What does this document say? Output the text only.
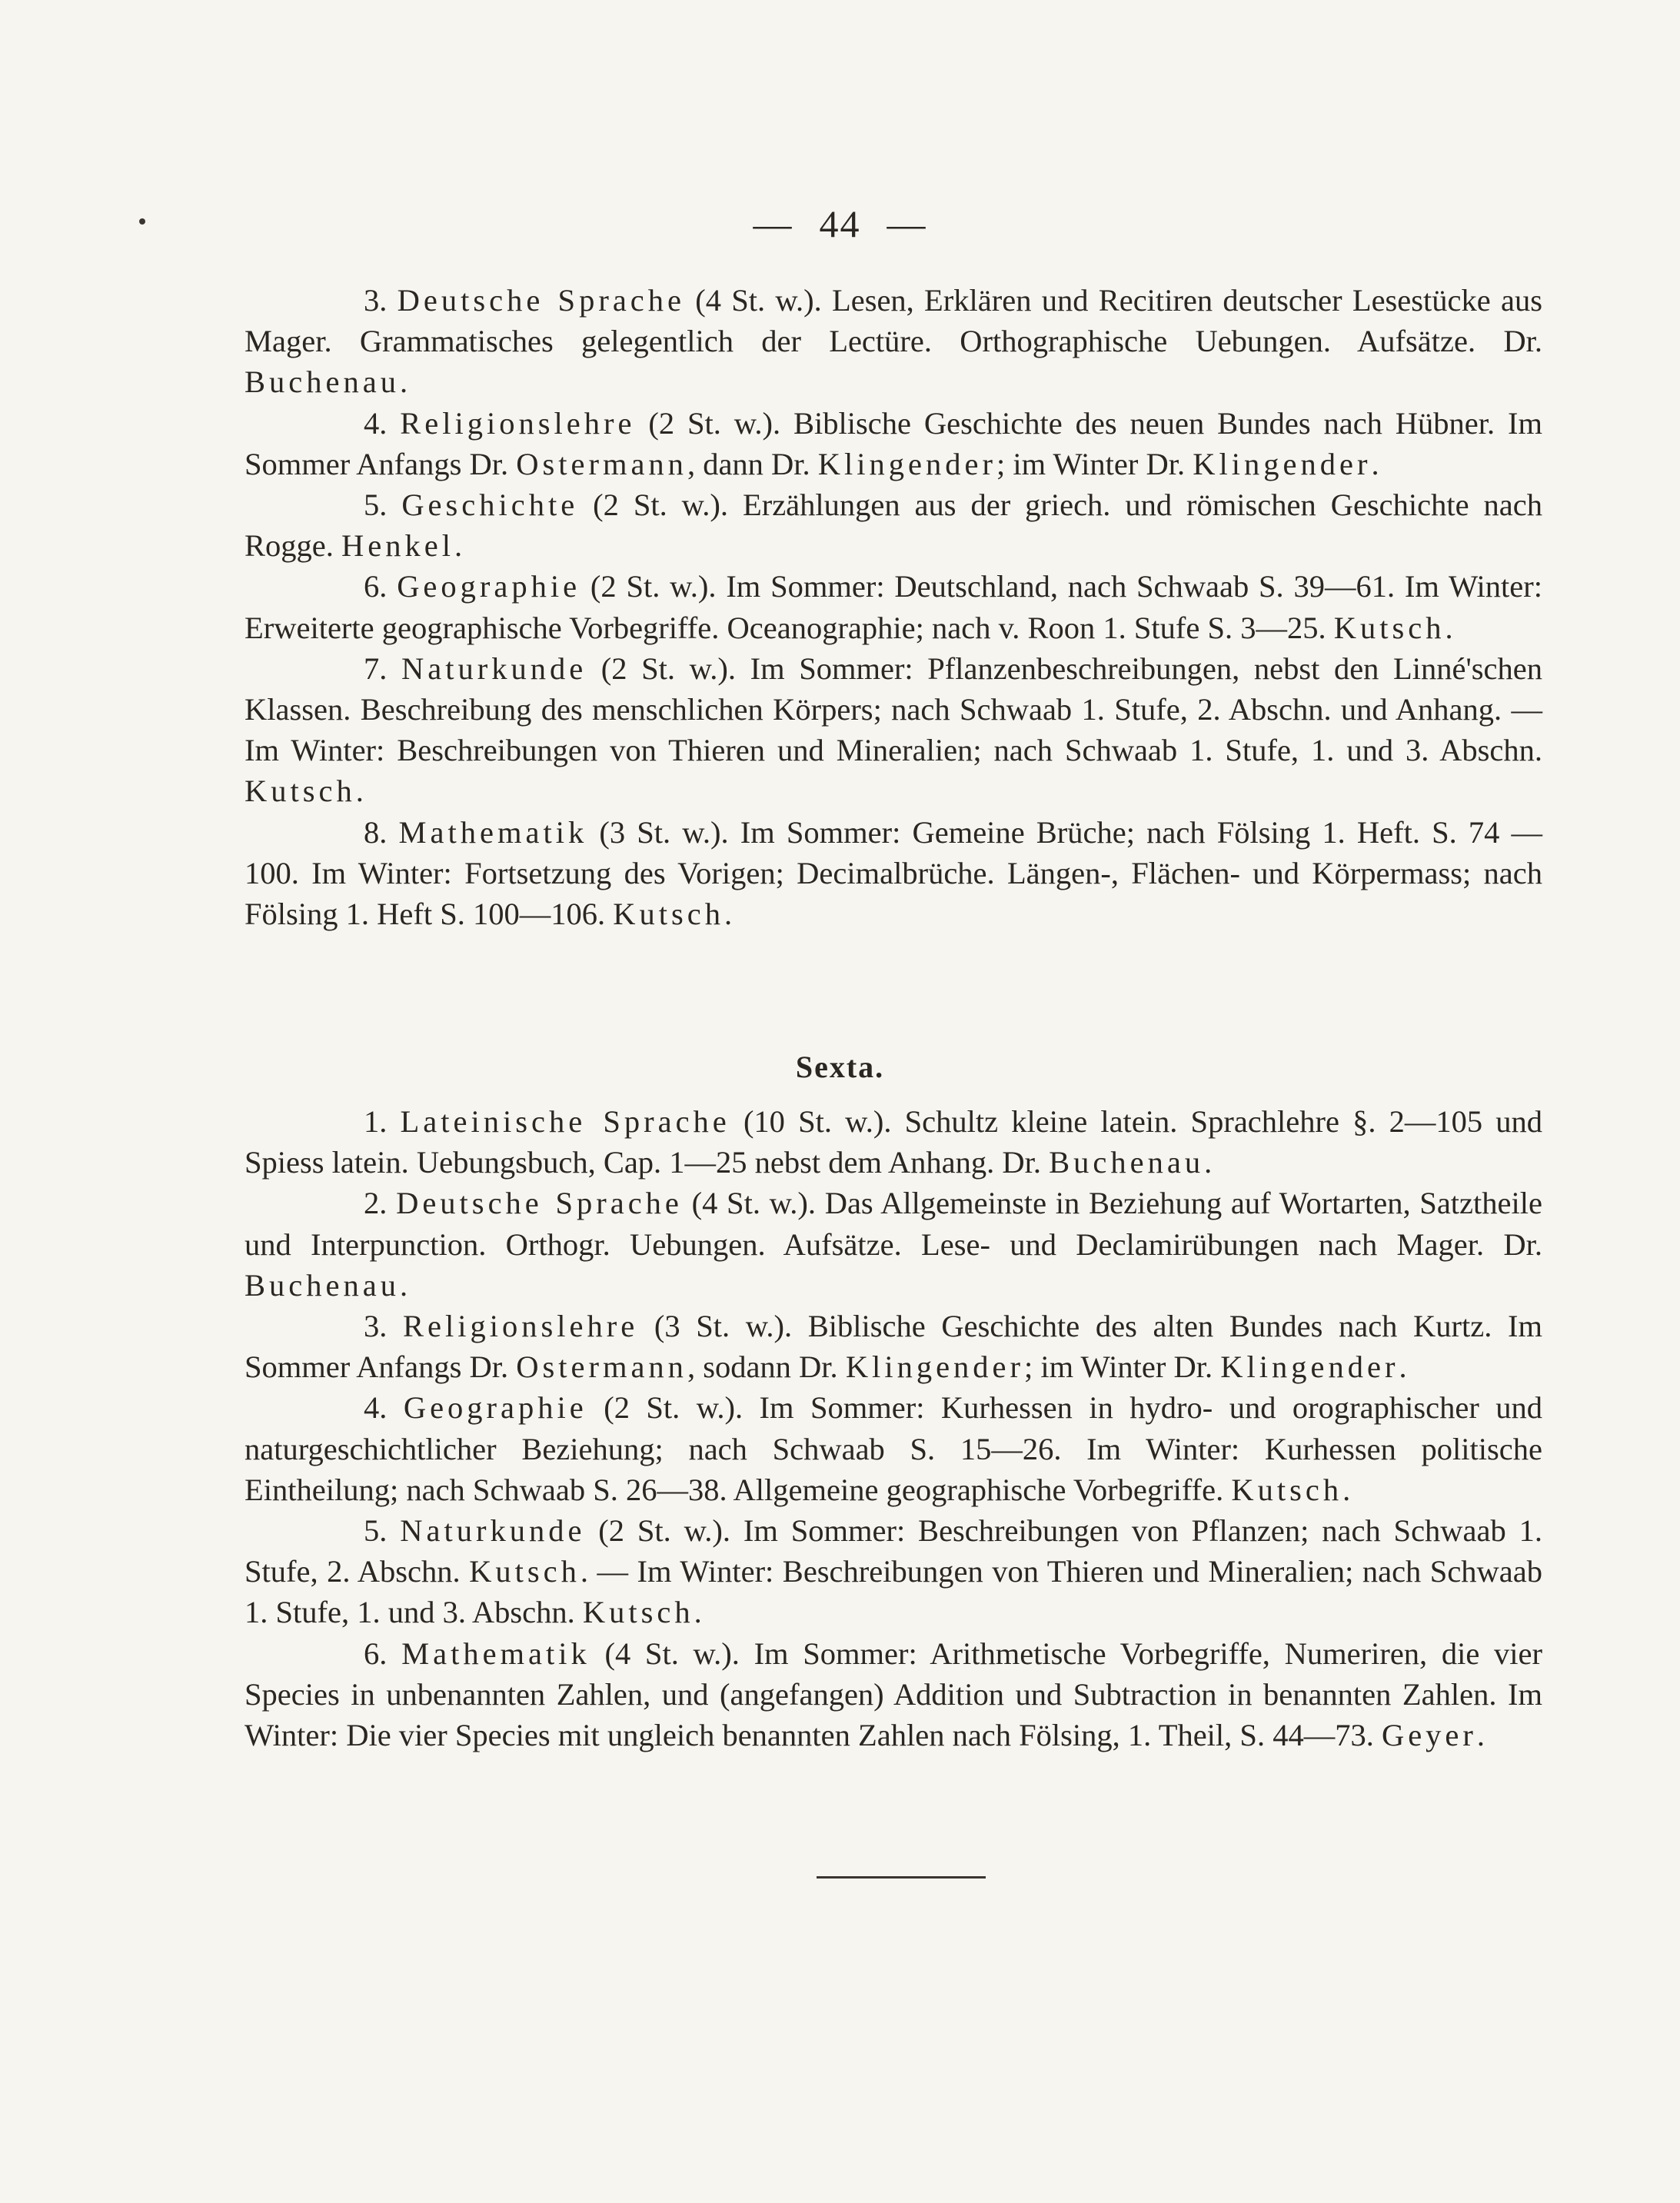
— 44 —

3. Deutsche Sprache (4 St. w.). Lesen, Erklären und Recitiren deutscher Lesestücke aus Mager. Grammatisches gelegentlich der Lectüre. Orthographische Uebungen. Aufsätze. Dr. Buchenau.

4. Religionslehre (2 St. w.). Biblische Geschichte des neuen Bundes nach Hübner. Im Sommer Anfangs Dr. Ostermann, dann Dr. Klingender; im Winter Dr. Klingender.

5. Geschichte (2 St. w.). Erzählungen aus der griech. und römischen Geschichte nach Rogge. Henkel.

6. Geographie (2 St. w.). Im Sommer: Deutschland, nach Schwaab S. 39—61. Im Winter: Erweiterte geographische Vorbegriffe. Oceanographie; nach v. Roon 1. Stufe S. 3—25. Kutsch.

7. Naturkunde (2 St. w.). Im Sommer: Pflanzenbeschreibungen, nebst den Linné'schen Klassen. Beschreibung des menschlichen Körpers; nach Schwaab 1. Stufe, 2. Abschn. und Anhang. — Im Winter: Beschreibungen von Thieren und Mineralien; nach Schwaab 1. Stufe, 1. und 3. Abschn. Kutsch.

8. Mathematik (3 St. w.). Im Sommer: Gemeine Brüche; nach Fölsing 1. Heft. S. 74 — 100. Im Winter: Fortsetzung des Vorigen; Decimalbrüche. Längen-, Flächen- und Körpermass; nach Fölsing 1. Heft S. 100—106. Kutsch.

Sexta.

1. Lateinische Sprache (10 St. w.). Schultz kleine latein. Sprachlehre §. 2—105 und Spiess latein. Uebungsbuch, Cap. 1—25 nebst dem Anhang. Dr. Buchenau.

2. Deutsche Sprache (4 St. w.). Das Allgemeinste in Beziehung auf Wortarten, Satztheile und Interpunction. Orthogr. Uebungen. Aufsätze. Lese- und Declamirübungen nach Mager. Dr. Buchenau.

3. Religionslehre (3 St. w.). Biblische Geschichte des alten Bundes nach Kurtz. Im Sommer Anfangs Dr. Ostermann, sodann Dr. Klingender; im Winter Dr. Klingender.

4. Geographie (2 St. w.). Im Sommer: Kurhessen in hydro- und orographischer und naturgeschichtlicher Beziehung; nach Schwaab S. 15—26. Im Winter: Kurhessen politische Eintheilung; nach Schwaab S. 26—38. Allgemeine geographische Vorbegriffe. Kutsch.

5. Naturkunde (2 St. w.). Im Sommer: Beschreibungen von Pflanzen; nach Schwaab 1. Stufe, 2. Abschn. Kutsch. — Im Winter: Beschreibungen von Thieren und Mineralien; nach Schwaab 1. Stufe, 1. und 3. Abschn. Kutsch.

6. Mathematik (4 St. w.). Im Sommer: Arithmetische Vorbegriffe, Numeriren, die vier Species in unbenannten Zahlen, und (angefangen) Addition und Subtraction in benannten Zahlen. Im Winter: Die vier Species mit ungleich benannten Zahlen nach Fölsing, 1. Theil, S. 44—73. Geyer.
